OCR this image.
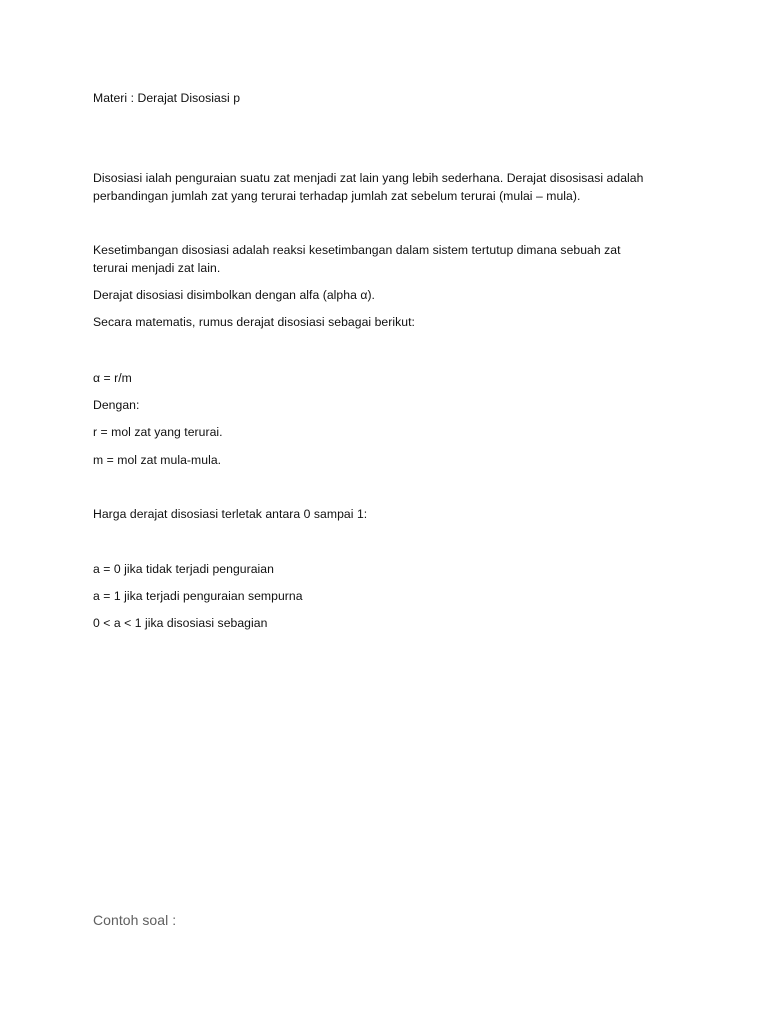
Materi : Derajat Disosiasi p
Disosiasi ialah penguraian suatu zat menjadi zat lain yang lebih sederhana. Derajat disosisasi adalah
perbandingan jumlah zat yang terurai terhadap jumlah zat sebelum terurai (mulai – mula).
Kesetimbangan disosiasi adalah reaksi kesetimbangan dalam sistem tertutup dimana sebuah zat
terurai menjadi zat lain.
Derajat disosiasi disimbolkan dengan alfa (alpha α).
Secara matematis, rumus derajat disosiasi sebagai berikut:
α = r/m
Dengan:
r = mol zat yang terurai.
m = mol zat mula-mula.
Harga derajat disosiasi terletak antara 0 sampai 1:
a = 0 jika tidak terjadi penguraian
a = 1 jika terjadi penguraian sempurna
0 < a < 1 jika disosiasi sebagian
Contoh soal :
